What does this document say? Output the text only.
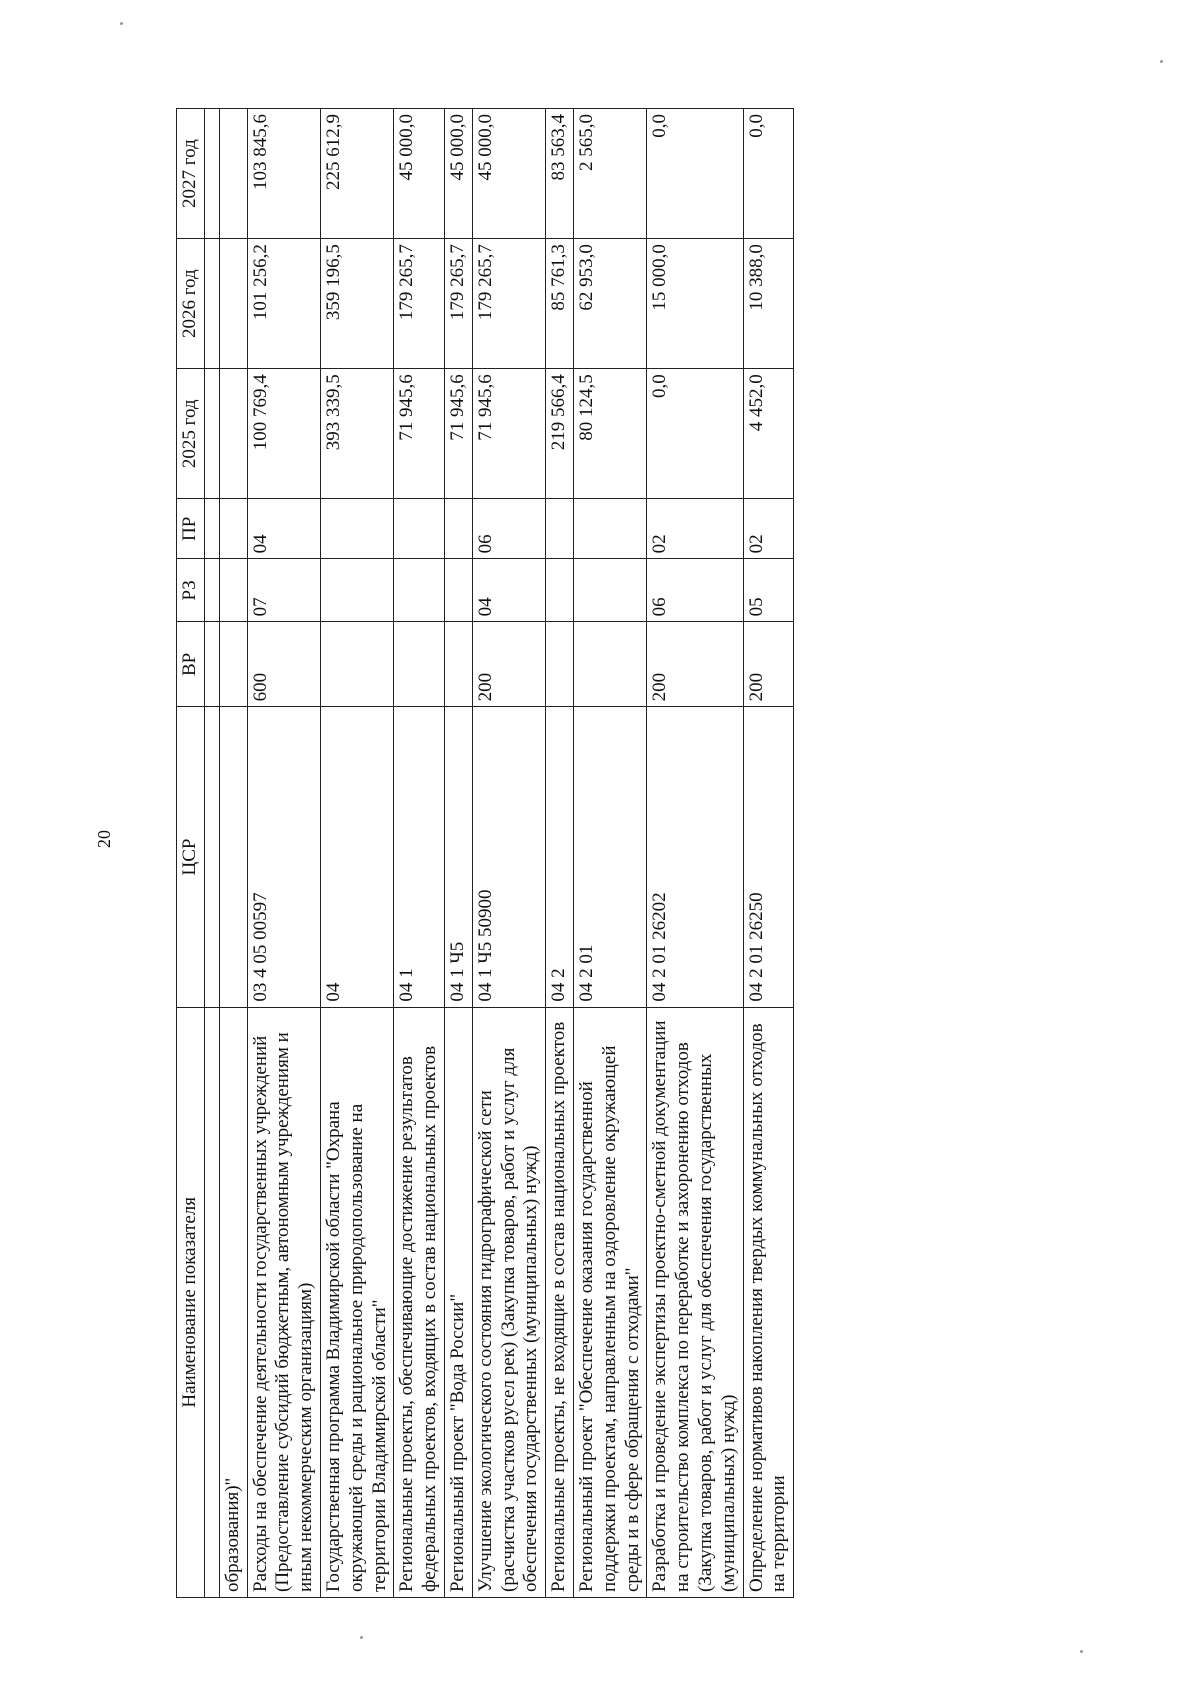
20
Наименование показателя	ЦСР	ВР	РЗ	ПР	2025 год	2026 год	2027 год

образования)"							
Расходы на обеспечение деятельности государственных учреждений (Предоставление субсидий бюджетным, автономным учреждениям и иным некоммерческим организациям)	03 4 05 00597	600	07	04	100 769,4	101 256,2	103 845,6
Государственная программа Владимирской области "Охрана окружающей среды и рациональное природопользование на территории Владимирской области"	04				393 339,5	359 196,5	225 612,9
Региональные проекты, обеспечивающие достижение результатов федеральных проектов, входящих в состав национальных проектов	04 1				71 945,6	179 265,7	45 000,0
Региональный проект "Вода России"	04 1 Ч5				71 945,6	179 265,7	45 000,0
Улучшение экологического состояния гидрографической сети (расчистка участков русел рек) (Закупка товаров, работ и услуг для обеспечения государственных (муниципальных) нужд)	04 1 Ч5 50900	200	04	06	71 945,6	179 265,7	45 000,0
Региональные проекты, не входящие в состав национальных проектов	04 2				219 566,4	85 761,3	83 563,4
Региональный проект "Обеспечение оказания государственной поддержки проектам, направленным на оздоровление окружающей среды и в сфере обращения с отходами"	04 2 01				80 124,5	62 953,0	2 565,0
Разработка и проведение экспертизы проектно-сметной документации на строительство комплекса по переработке и захоронению отходов (Закупка товаров, работ и услуг для обеспечения государственных (муниципальных) нужд)	04 2 01 26202	200	06	02	0,0	15 000,0	0,0
Определение нормативов накопления твердых коммунальных отходов на территории	04 2 01 26250	200	05	02	4 452,0	10 388,0	0,0
